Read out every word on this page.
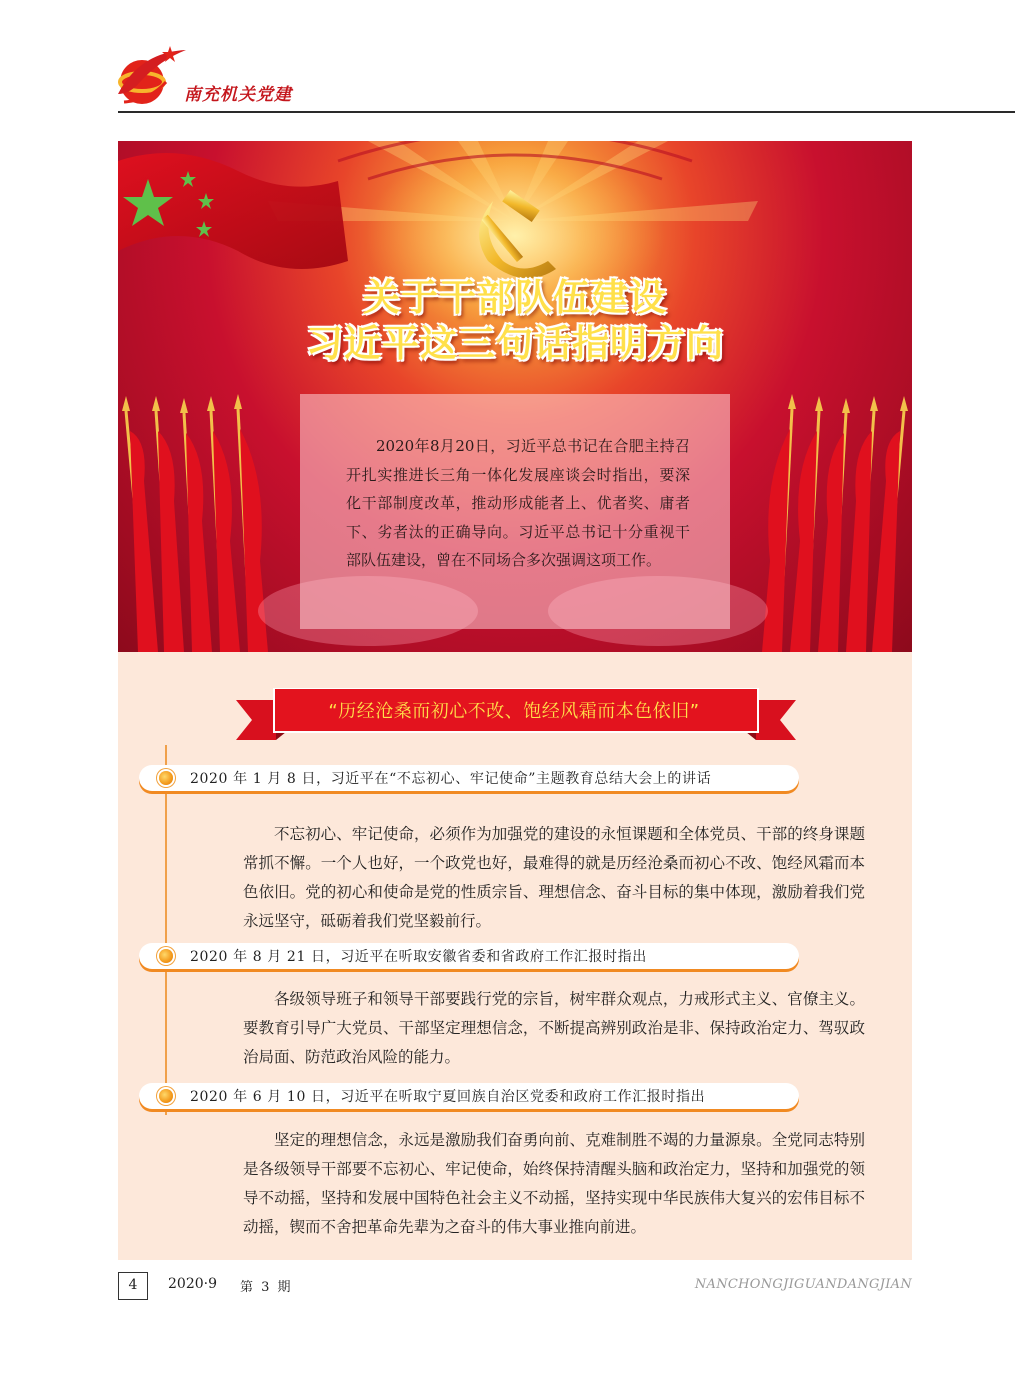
南充机关党建
关于干部队伍建设
习近平这三句话指明方向

2020年8月20日，习近平总书记在合肥主持召开扎实推进长三角一体化发展座谈会时指出，要深化干部制度改革，推动形成能者上、优者奖、庸者下、劣者汰的正确导向。习近平总书记十分重视干部队伍建设，曾在不同场合多次强调这项工作。

“历经沧桑而初心不改、饱经风霜而本色依旧”
2020 年 1 月 8 日，习近平在“不忘初心、牢记使命”主题教育总结大会上的讲话

不忘初心、牢记使命，必须作为加强党的建设的永恒课题和全体党员、干部的终身课题常抓不懈。一个人也好，一个政党也好，最难得的就是历经沧桑而初心不改、饱经风霜而本色依旧。党的初心和使命是党的性质宗旨、理想信念、奋斗目标的集中体现，激励着我们党永远坚守，砥砺着我们党坚毅前行。

2020 年 8 月 21 日，习近平在听取安徽省委和省政府工作汇报时指出

各级领导班子和领导干部要践行党的宗旨，树牢群众观点，力戒形式主义、官僚主义。要教育引导广大党员、干部坚定理想信念，不断提高辨别政治是非、保持政治定力、驾驭政治局面、防范政治风险的能力。

2020 年 6 月 10 日，习近平在听取宁夏回族自治区党委和政府工作汇报时指出

坚定的理想信念，永远是激励我们奋勇向前、克难制胜不竭的力量源泉。全党同志特别是各级领导干部要不忘初心、牢记使命，始终保持清醒头脑和政治定力，坚持和加强党的领导不动摇，坚持和发展中国特色社会主义不动摇，坚持实现中华民族伟大复兴的宏伟目标不动摇，锲而不舍把革命先辈为之奋斗的伟大事业推向前进。

4	2020·9 第 3 期	NANCHONGJIGUANDANGJIAN
